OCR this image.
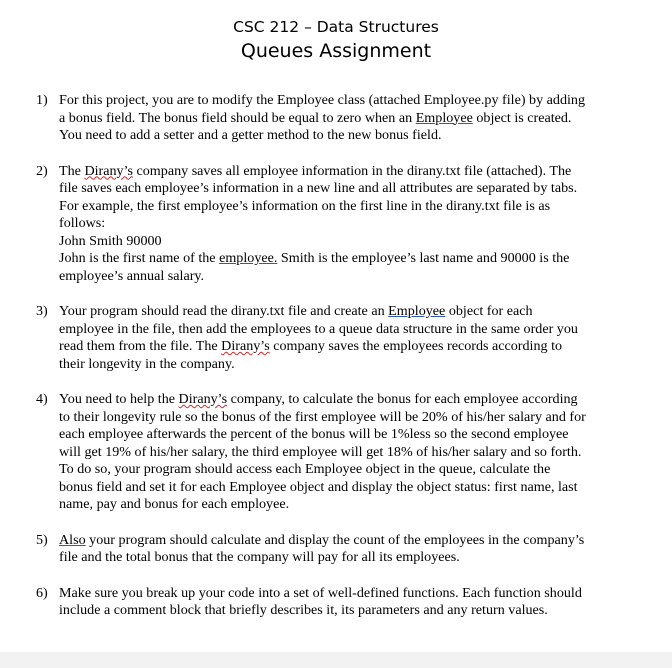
CSC 212 – Data Structures
Queues Assignment
1) For this project, you are to modify the Employee class (attached Employee.py file) by adding
a bonus field. The bonus field should be equal to zero when an Employee object is created.
You need to add a setter and a getter method to the new bonus field.
2) The Dirany’s company saves all employee information in the dirany.txt file (attached). The
file saves each employee’s information in a new line and all attributes are separated by tabs.
For example, the first employee’s information on the first line in the dirany.txt file is as
follows:
John Smith 90000
John is the first name of the employee. Smith is the employee’s last name and 90000 is the
employee’s annual salary.
3) Your program should read the dirany.txt file and create an Employee object for each
employee in the file, then add the employees to a queue data structure in the same order you
read them from the file. The Dirany’s company saves the employees records according to
their longevity in the company.
4) You need to help the Dirany’s company, to calculate the bonus for each employee according
to their longevity rule so the bonus of the first employee will be 20% of his/her salary and for
each employee afterwards the percent of the bonus will be 1%less so the second employee
will get 19% of his/her salary, the third employee will get 18% of his/her salary and so forth.
To do so, your program should access each Employee object in the queue, calculate the
bonus field and set it for each Employee object and display the object status: first name, last
name, pay and bonus for each employee.
5) Also your program should calculate and display the count of the employees in the company’s
file and the total bonus that the company will pay for all its employees.
6) Make sure you break up your code into a set of well-defined functions. Each function should
include a comment block that briefly describes it, its parameters and any return values.
